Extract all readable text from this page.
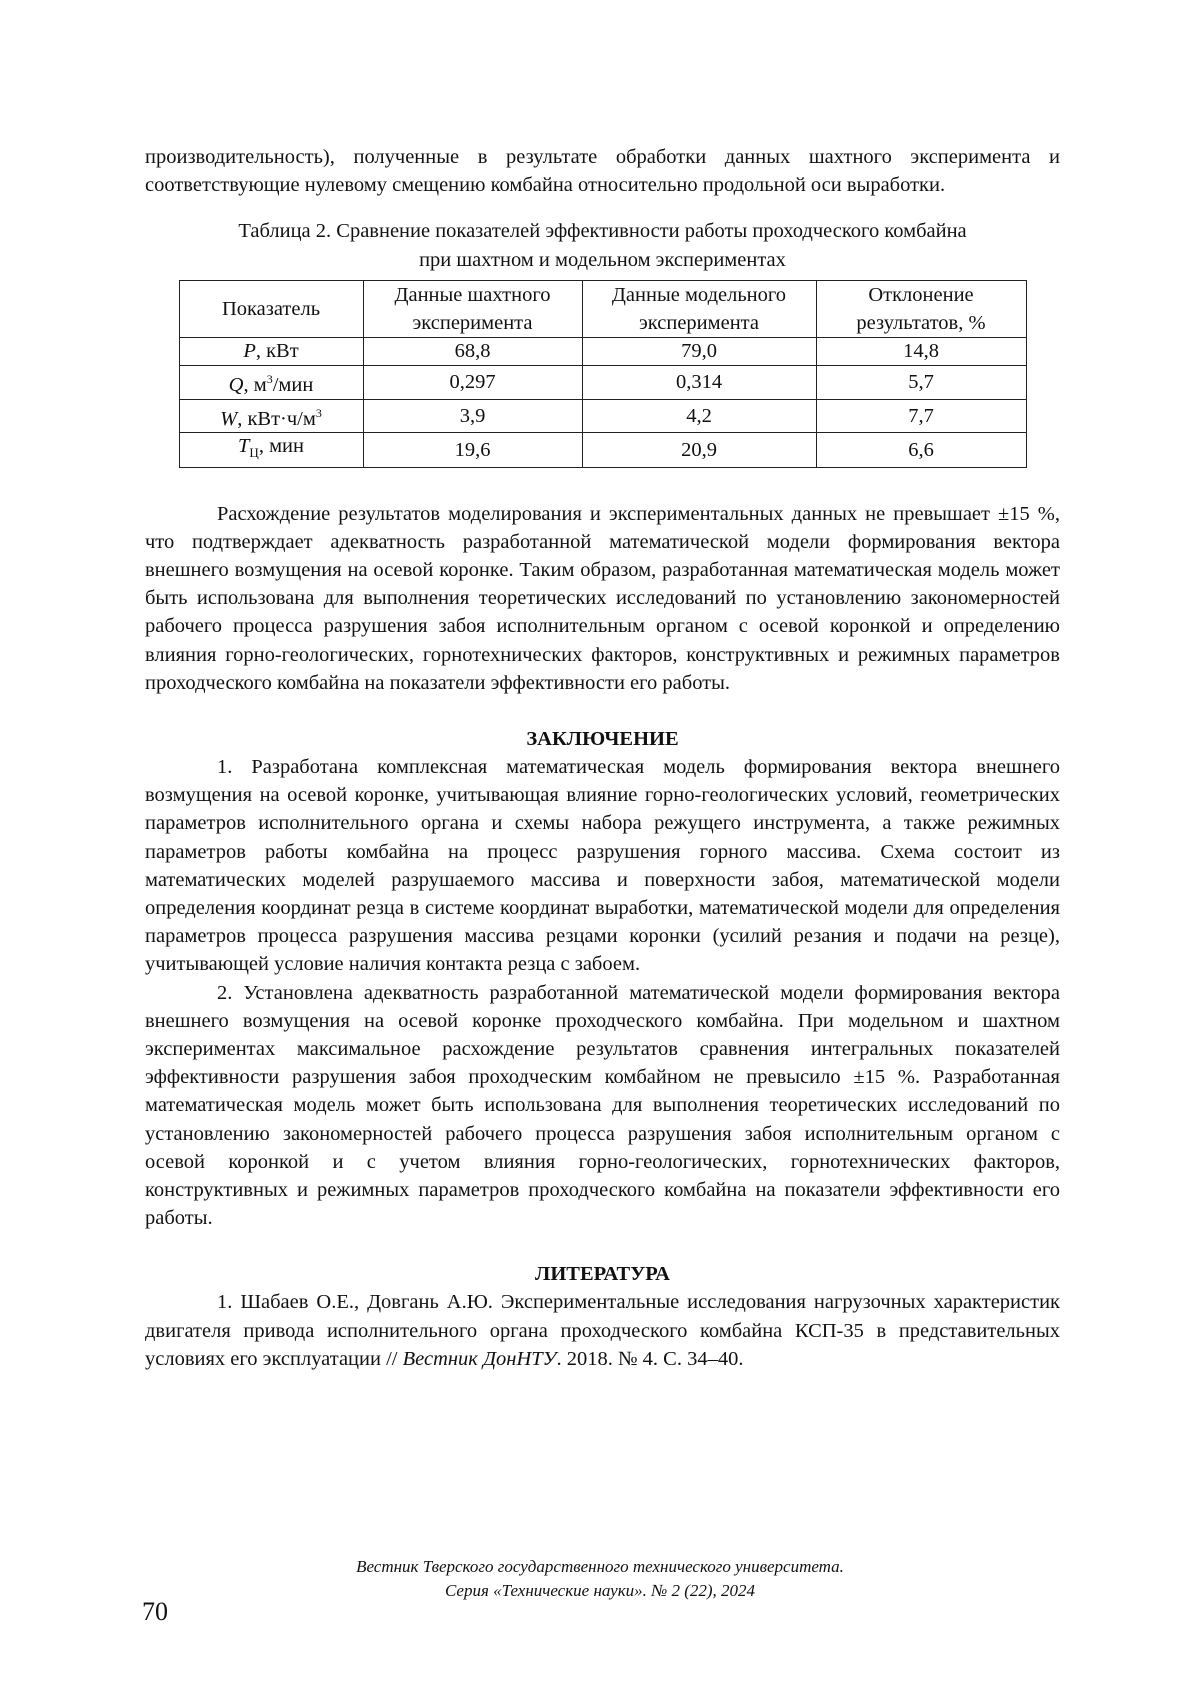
производительность), полученные в результате обработки данных шахтного эксперимента и соответствующие нулевому смещению комбайна относительно продольной оси выработки.

Таблица 2. Сравнение показателей эффективности работы проходческого комбайна

при шахтном и модельном экспериментах

Показатель	Данные шахтного эксперимента	Данные модельного эксперимента	Отклонение результатов, %
P, кВт	68,8	79,0	14,8
Q, м3/мин	0,297	0,314	5,7
W, кВт·ч/м3	3,9	4,2	7,7
TЦ, мин	19,6	20,9	6,6

Расхождение результатов моделирования и экспериментальных данных не превышает ±15 %, что подтверждает адекватность разработанной математической модели формирования вектора внешнего возмущения на осевой коронке. Таким образом, разработанная математическая модель может быть использована для выполнения теоретических исследований по установлению закономерностей рабочего процесса разрушения забоя исполнительным органом с осевой коронкой и определению влияния горно-геологических, горнотехнических факторов, конструк­тивных и режимных параметров проходческого комбайна на показатели эффективности его работы.

ЗАКЛЮЧЕНИЕ

1. Разработана комплексная математическая модель формирования вектора внешнего возмущения на осевой коронке, учитывающая влияние горно-геологических условий, геометрических параметров исполнительного органа и схемы набора режущего инструмента, а также режимных параметров работы комбайна на процесс разрушения горного массива. Схема состоит из математических моделей разрушаемого массива и поверхности забоя, математической модели определения координат резца в системе координат выработки, математической модели для определения параметров процесса разрушения массива резцами коронки (усилий резания и подачи на резце), учитывающей условие наличия контакта резца с забоем.

2. Установлена адекватность разработанной математической модели формирования вектора внешнего возмущения на осевой коронке проходческого комбайна. При модельном и шахтном экспериментах максимальное расхождение результатов сравнения интегральных показателей эффективности разрушения забоя проходческим комбайном не превысило ±15 %. Разработанная математическая модель может быть использована для выполнения теоретических исследований по установлению закономерностей рабочего процесса разрушения забоя исполнительным органом с осевой коронкой и с учетом влияния горно-геологических, горно­технических факторов, конструктивных и режимных параметров проходческого комбайна на показатели эффективности его работы.

ЛИТЕРАТУРА

1. Шабаев О.Е., Довгань А.Ю. Экспериментальные исследования нагрузочных характеристик двигателя привода исполнительного органа проходческого комбайна КСП-35 в представительных условиях его эксплуатации // Вестник ДонНТУ. 2018. № 4. С. 34–40.

Вестник Тверского государственного технического университета.
Серия «Технические науки». № 2 (22), 2024
70
